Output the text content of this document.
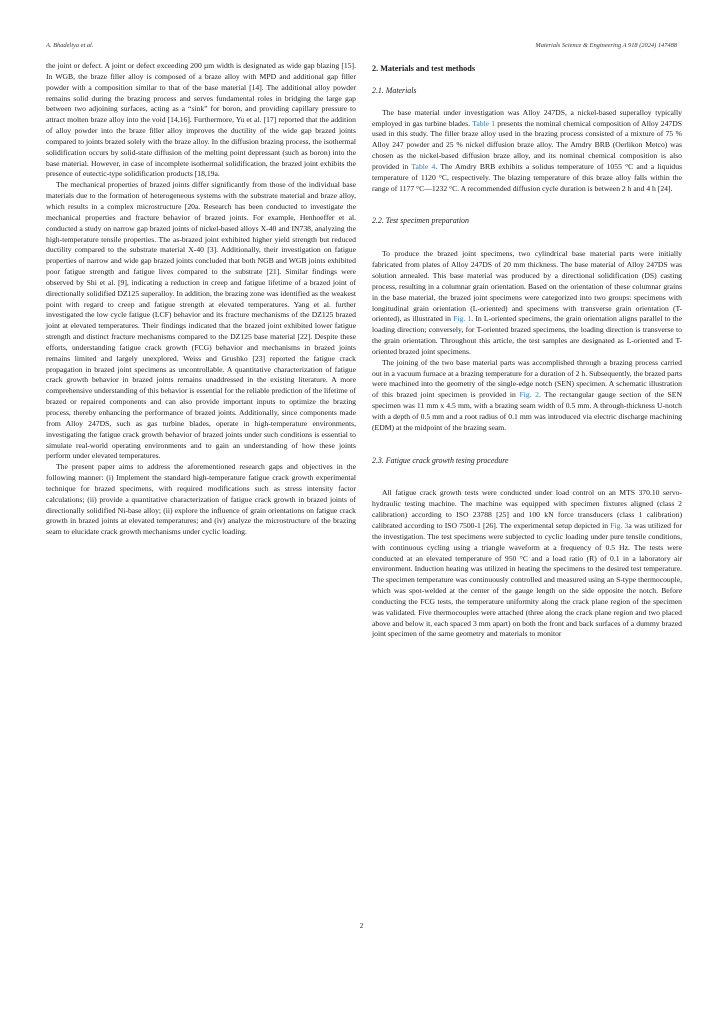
A. Bhadeliya et al.	Materials Science & Engineering A 918 (2024) 147488

the joint or defect. A joint or defect exceeding 200 µm width is designated as wide gap blazing [15]. In WGB, the braze filler alloy is composed of a braze alloy with MPD and additional gap filler powder with a composition similar to that of the base material [14]. The additional alloy powder remains solid during the brazing process and serves fundamental roles in bridging the large gap between two adjoining surfaces, acting as a “sink” for boron, and providing capillary pressure to attract molten braze alloy into the void [14,16]. Furthermore, Yu et al. [17] reported that the addition of alloy powder into the braze filler alloy improves the ductility of the wide gap brazed joints compared to joints brazed solely with the braze alloy. In the diffusion brazing process, the isothermal solidification occurs by solid-state diffusion of the melting point depressant (such as boron) into the base material. However, in case of incomplete isothermal solidification, the brazed joint exhibits the presence of eutectic-type solidification products [18,19a.

The mechanical properties of brazed joints differ significantly from those of the individual base materials due to the formation of heterogeneous systems with the substrate material and braze alloy, which results in a complex microstructure [20a. Research has been conducted to investigate the mechanical properties and fracture behavior of brazed joints. For example, Henhoeffer et al. conducted a study on narrow gap brazed joints of nickel-based alloys X-40 and IN738, analyzing the high-temperature tensile properties. The as-brazed joint exhibited higher yield strength but reduced ductility compared to the substrate material X-40 [3]. Additionally, their investigation on fatigue properties of narrow and wide gap brazed joints concluded that both NGB and WGB joints exhibited poor fatigue strength and fatigue lives compared to the substrate [21]. Similar findings were observed by Shi et al. [9], indicating a reduction in creep and fatigue lifetime of a brazed joint of directionally solidified DZ125 superalloy. In addition, the brazing zone was identified as the weakest point with regard to creep and fatigue strength at elevated temperatures. Yang et al. further investigated the low cycle fatigue (LCF) behavior and its fracture mechanisms of the DZ125 brazed joint at elevated temperatures. Their findings indicated that the brazed joint exhibited lower fatigue strength and distinct fracture mechanisms compared to the DZ125 base material [22]. Despite these efforts, understanding fatigue crack growth (FCG) behavior and mechanisms in brazed joints remains limited and largely unexplored. Weiss and Grushko [23] reported the fatigue crack propagation in brazed joint specimens as uncontrollable. A quantitative characterization of fatigue crack growth behavior in brazed joints remains unaddressed in the existing literature. A more comprehensive understanding of this behavior is essential for the reliable prediction of the lifetime of brazed or repaired components and can also provide important inputs to optimize the brazing process, thereby enhancing the performance of brazed joints. Additionally, since components made from Alloy 247DS, such as gas turbine blades, operate in high-temperature environments, investigating the fatigue crack growth behavior of brazed joints under such conditions is essential to simulate real-world operating environments and to gain an understanding of how these joints perform under elevated temperatures.

The present paper aims to address the aforementioned research gaps and objectives in the following manner: (i) Implement the standard high-temperature fatigue crack growth experimental technique for brazed specimens, with required modifications such as stress intensity factor calculations; (ii) provide a quantitative characterization of fatigue crack growth in brazed joints of directionally solidified Ni-base alloy; (ii) explore the influence of grain orientations on fatigue crack growth in brazed joints at elevated temperatures; and (iv) analyze the microstructure of the brazing seam to elucidate crack growth mechanisms under cyclic loading.

2. Materials and test methods
2.1. Materials

The base material under investigation was Alloy 247DS, a nickel-based superalloy typically employed in gas turbine blades. Table 1 presents the nominal chemical composition of Alloy 247DS used in this study. The filler braze alloy used in the brazing process consisted of a mixture of 75 % Alloy 247 powder and 25 % nickel diffusion braze alloy. The Amdry BRB (Oerlikon Metco) was chosen as the nickel-based diffusion braze alloy, and its nominal chemical composition is also provided in Table 4. The Amdry BRB exhibits a solidus temperature of 1055 °C and a liquidus temperature of 1120 °C, respectively. The blazing temperature of this braze alloy falls within the range of 1177 °C—1232 °C. A recommended diffusion cycle duration is between 2 h and 4 h [24].

2.2. Test specimen preparation

To produce the brazed joint specimens, two cylindrical base material parts were initially fabricated from plates of Alloy 247DS of 20 mm thickness. The base material of Alloy 247DS was solution annealed. This base material was produced by a directional solidification (DS) casting process, resulting in a columnar grain orientation. Based on the orientation of these columnar grains in the base material, the brazed joint specimens were categorized into two groups: specimens with longitudinal grain orientation (L-oriented) and specimens with transverse grain orientation (T-oriented), as illustrated in Fig. 1. In L-oriented specimens, the grain orientation aligns parallel to the loading direction; conversely, for T-oriented brazed specimens, the loading direction is transverse to the grain orientation. Throughout this article, the test samples are designated as L-oriented and T-oriented brazed joint specimens.

The joining of the two base material parts was accomplished through a brazing process carried out in a vacuum furnace at a brazing temperature for a duration of 2 h. Subsequently, the brazed parts were machined into the geometry of the single-edge notch (SEN) specimen. A schematic illustration of this brazed joint specimen is provided in Fig. 2. The rectangular gauge section of the SEN specimen was 11 mm x 4.5 mm, with a brazing seam width of 0.5 mm. A through-thickness U-notch with a depth of 0.5 mm and a root radius of 0.1 mm was introduced via electric discharge machining (EDM) at the midpoint of the brazing seam.

2.3. Fatigue crack growth tesing procedure

All fatigue crack growth tests were conducted under load control on an MTS 370.10 servo-hydraulic testing machine. The machine was equipped with specimen fixtures aligned (class 2 calibration) according to ISO 23788 [25] and 100 kN force transducers (class 1 calibration) calibrated according to ISO 7500-1 [26]. The experimental setup depicted in Fig. 3a was utilized for the investigation. The test specimens were subjected to cyclic loading under pure tensile conditions, with continuous cycling using a triangle waveform at a frequency of 0.5 Hz. The tests were conducted at an elevated temperature of 950 °C and a load ratio (R) of 0.1 in a laboratory air environment. Induction heating was utilized in heating the specimens to the desired test temperature. The specimen temperature was continuously controlled and measured using an S-type thermocouple, which was spot-welded at the center of the gauge length on the side opposite the notch. Before conducting the FCG tests, the temperature uniformity along the crack plane region of the specimen was validated. Five thermocouples were attached (three along the crack plane region and two placed above and below it, each spaced 3 mm apart) on both the front and back surfaces of a dummy brazed joint specimen of the same geometry and materials to monitor

2
